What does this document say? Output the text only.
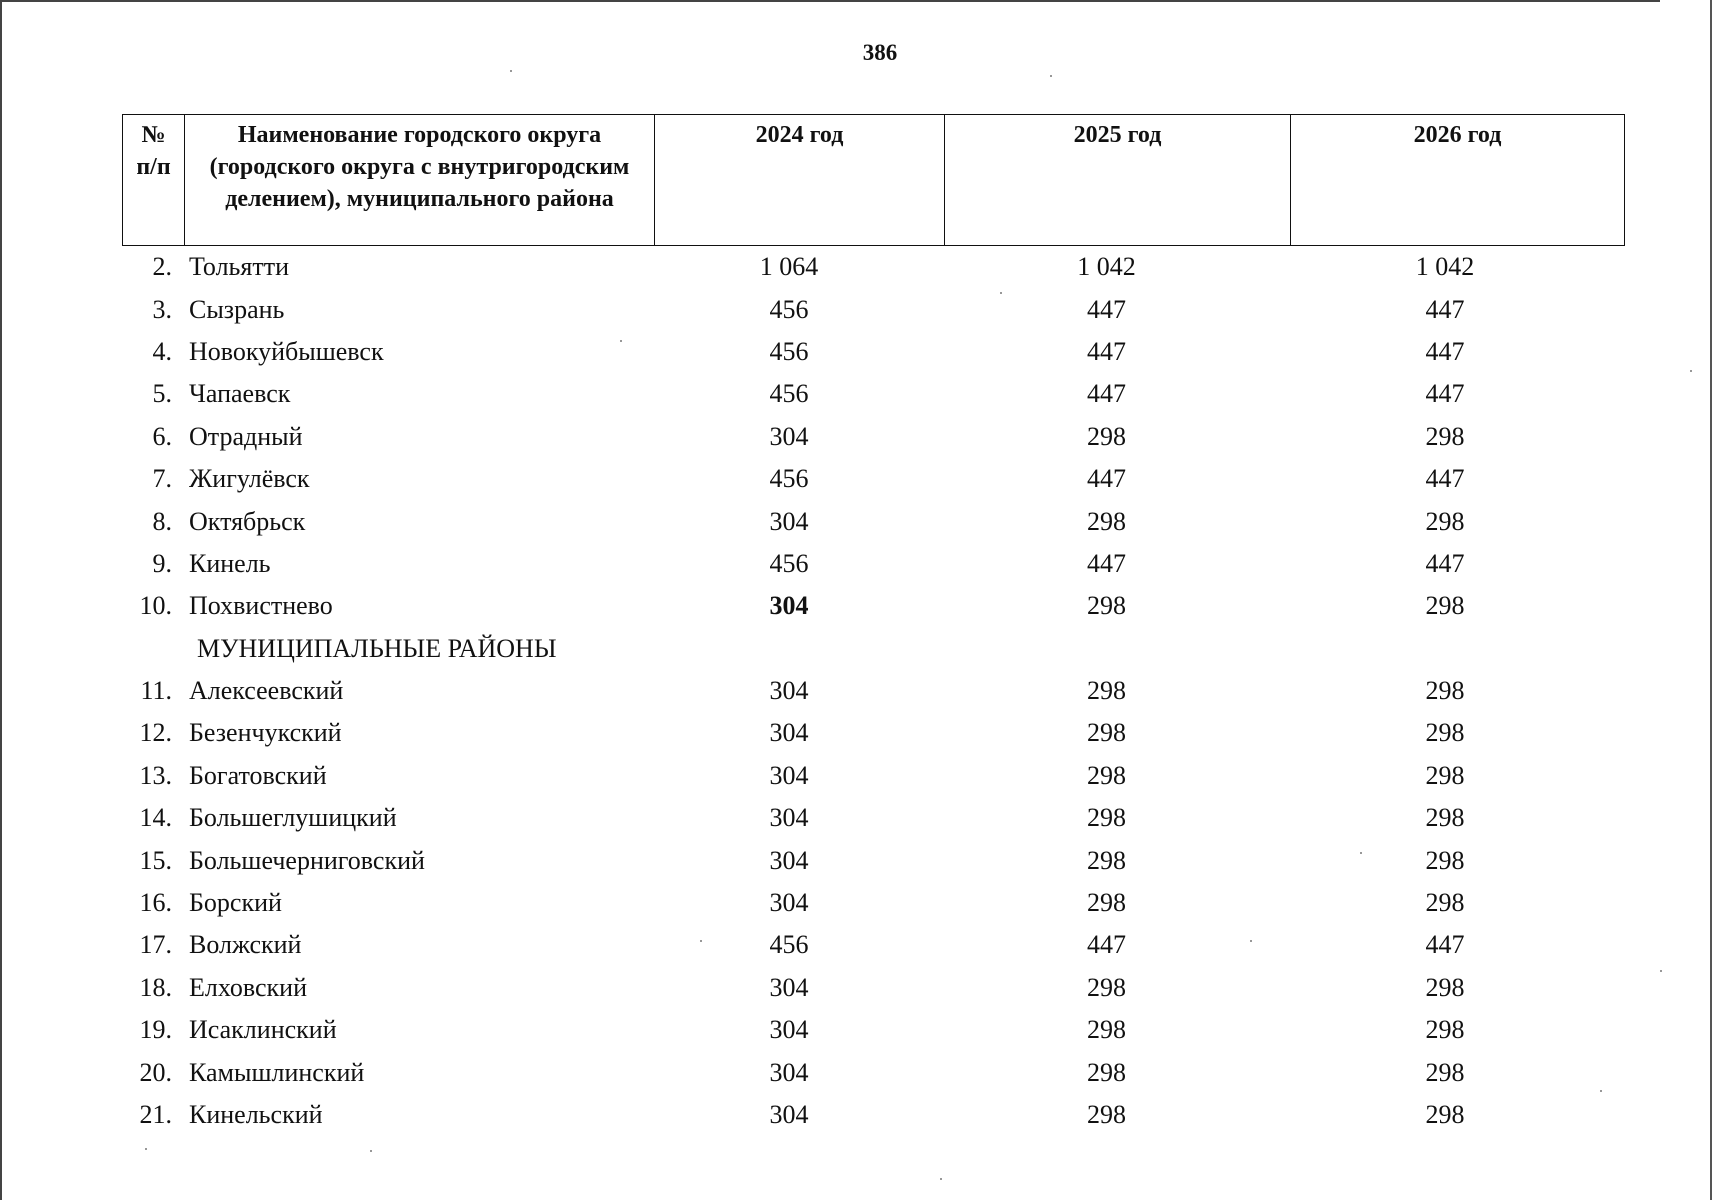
386
№ п/п	Наименование городского округа (городского округа с внутригородским делением), муниципального района	2024 год	2025 год	2026 год
2. Тольятти	1 064	1 042	1 042
3. Сызрань	456	447	447
4. Новокуйбышевск	456	447	447
5. Чапаевск	456	447	447
6. Отрадный	304	298	298
7. Жигулёвск	456	447	447
8. Октябрьск	304	298	298
9. Кинель	456	447	447
10. Похвистнево	304	298	298
МУНИЦИПАЛЬНЫЕ РАЙОНЫ
11. Алексеевский	304	298	298
12. Безенчукский	304	298	298
13. Богатовский	304	298	298
14. Большеглушицкий	304	298	298
15. Большечерниговский	304	298	298
16. Борский	304	298	298
17. Волжский	456	447	447
18. Елховский	304	298	298
19. Исаклинский	304	298	298
20. Камышлинский	304	298	298
21. Кинельский	304	298	298
